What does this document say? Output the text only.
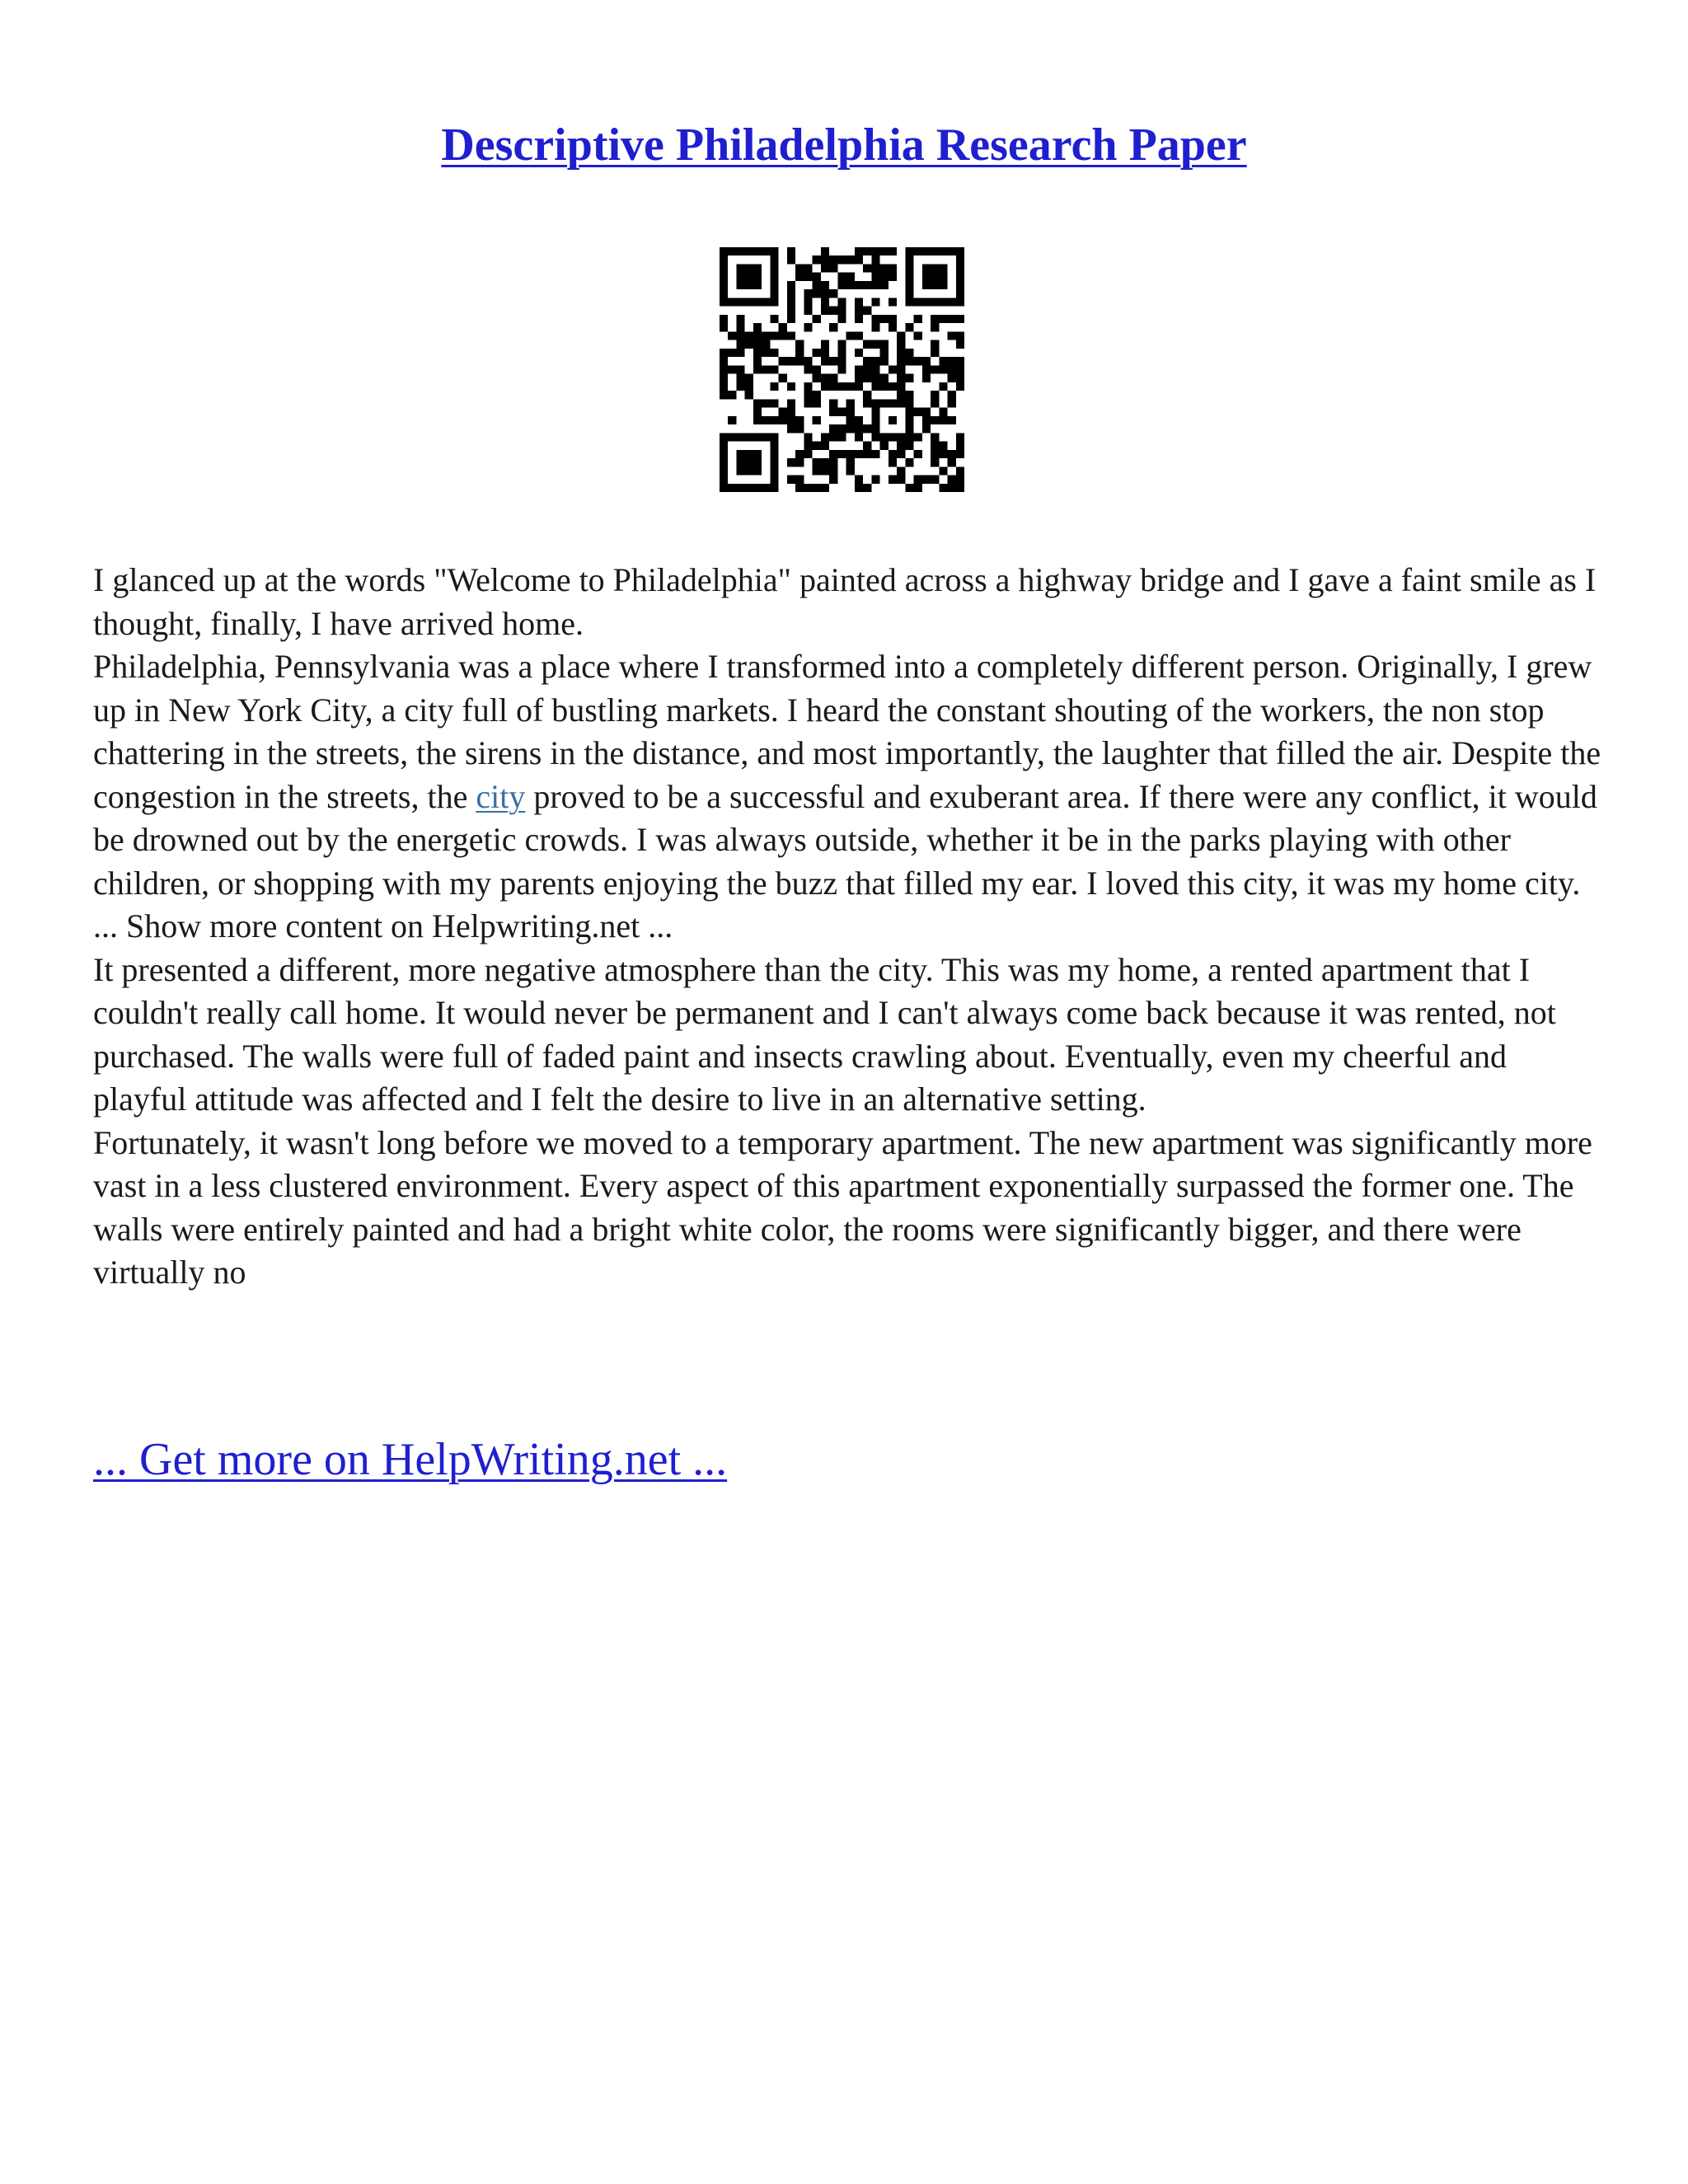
Descriptive Philadelphia Research Paper

I glanced up at the words "Welcome to Philadelphia" painted across a highway bridge and I gave a faint smile as I thought, finally, I have arrived home.

Philadelphia, Pennsylvania was a place where I transformed into a completely different person. Originally, I grew up in New York City, a city full of bustling markets. I heard the constant shouting of the workers, the non stop chattering in the streets, the sirens in the distance, and most importantly, the laughter that filled the air. Despite the congestion in the streets, the city proved to be a successful and exuberant area. If there were any conflict, it would be drowned out by the energetic crowds. I was always outside, whether it be in the parks playing with other children, or shopping with my parents enjoying the buzz that filled my ear. I loved this city, it was my home city. ... Show more content on Helpwriting.net ...

It presented a different, more negative atmosphere than the city. This was my home, a rented apartment that I couldn't really call home. It would never be permanent and I can't always come back because it was rented, not purchased. The walls were full of faded paint and insects crawling about. Eventually, even my cheerful and playful attitude was affected and I felt the desire to live in an alternative setting.

Fortunately, it wasn't long before we moved to a temporary apartment. The new apartment was significantly more vast in a less clustered environment. Every aspect of this apartment exponentially surpassed the former one. The walls were entirely painted and had a bright white color, the rooms were significantly bigger, and there were virtually no

... Get more on HelpWriting.net ...
